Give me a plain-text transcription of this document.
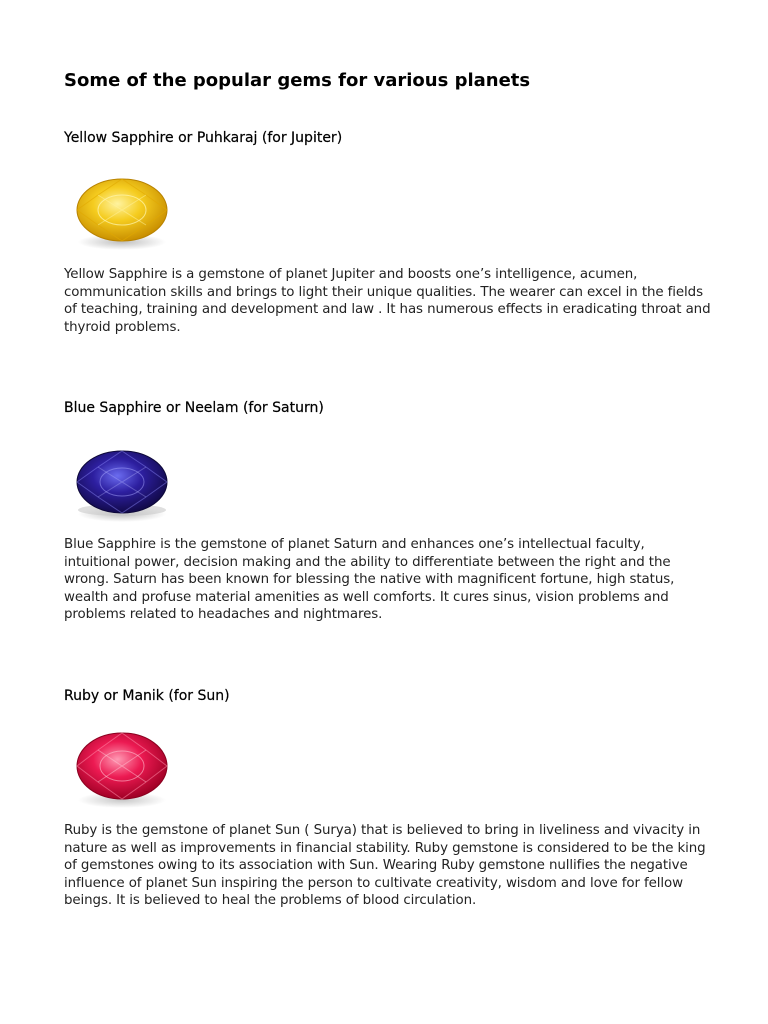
Some of the popular gems for various planets
Yellow Sapphire or Puhkaraj (for Jupiter)

Yellow Sapphire is a gemstone of planet Jupiter and boosts one’s intelligence, acumen, communication skills and brings to light their unique qualities. The wearer can excel in the fields of teaching, training and development and law . It has numerous effects in eradicating throat and thyroid problems.

Blue Sapphire or Neelam (for Saturn)

Blue Sapphire is the gemstone of planet Saturn and enhances one’s intellectual faculty, intuitional power, decision making and the ability to differentiate between the right and the wrong. Saturn has been known for blessing the native with magnificent fortune, high status, wealth and profuse material amenities as well comforts. It cures sinus, vision problems and problems related to headaches and nightmares.

Ruby or Manik (for Sun)

Ruby is the gemstone of planet Sun ( Surya) that is believed to bring in liveliness and vivacity in nature as well as improvements in financial stability. Ruby gemstone is considered to be the king of gemstones owing to its association with Sun. Wearing Ruby gemstone nullifies the negative influence of planet Sun inspiring the person to cultivate creativity, wisdom and love for fellow beings. It is believed to heal the problems of blood circulation.
